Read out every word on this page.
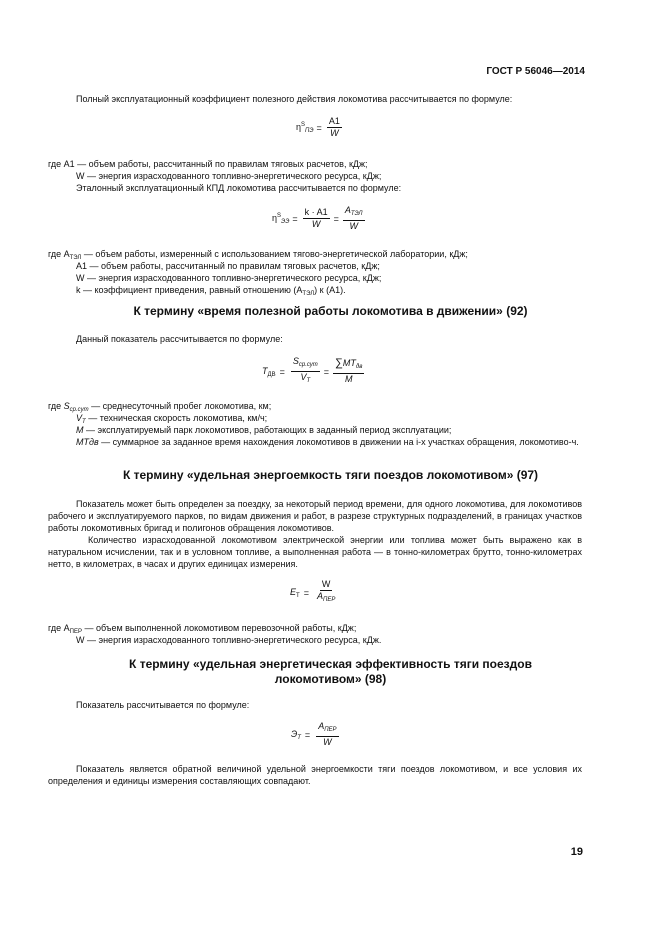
ГОСТ Р 56046—2014
Полный эксплуатационный коэффициент полезного действия локомотива рассчитывается по формуле:
$\eta^S_{ПЭ} = \frac{A1}{W}$
где A1 — объем работы, рассчитанный по правилам тяговых расчетов, кДж;
W — энергия израсходованного топливно-энергетического ресурса, кДж;
Эталонный эксплуатационный КПД локомотива рассчитывается по формуле:
$\eta^S_{ЭЭ} = \frac{k \cdot A1}{W} = \frac{A_{ТЭЛ}}{W}$
где $A_{ТЭЛ}$ — объем работы, измеренный с использованием тягово-энергетической лаборатории, кДж;
A1 — объем работы, рассчитанный по правилам тяговых расчетов, кДж;
W — энергия израсходованного топливно-энергетического ресурса, кДж;
k — коэффициент приведения, равный отношению $(A_{ТЭЛ})$ к (A1).
К термину «время полезной работы локомотива в движении» (92)
Данный показатель рассчитывается по формуле:
$T_{ДВ} = \frac{S_{ср.сут}}{V_T} = \frac{\sum MT_{дв}}{M}$
где $S_{ср.сут}$ — среднесуточный пробег локомотива, км;
$V_T$ — техническая скорость локомотива, км/ч;
M — эксплуатируемый парк локомотивов, работающих в заданный период эксплуатации;
MTдв — суммарное за заданное время нахождения локомотивов в движении на i-x участках обращения, локомотиво-ч.
К термину «удельная энергоемкость тяги поездов локомотивом» (97)
Показатель может быть определен за поездку, за некоторый период времени, для одного локомотива, для локомотивов рабочего и эксплуатируемого парков, по видам движения и работ, в разрезе структурных подразделений, в границах участков работы локомотивных бригад и полигонов обращения локомотивов.
Количество израсходованной локомотивом электрической энергии или топлива может быть выражено как в натуральном исчислении, так и в условном топливе, а выполненная работа — в тонно-километрах брутто, тонно-километрах нетто, в километрах, в часах и других единицах измерения.
$E_T = \frac{W}{A_{ПЕР}}$
где $A_{ПЕР}$ — объем выполненной локомотивом перевозочной работы, кДж;
W — энергия израсходованного топливно-энергетического ресурса, кДж.
К термину «удельная энергетическая эффективность тяги поездов
локомотивом» (98)
Показатель рассчитывается по формуле:
$Э_T = \frac{A_{ПЕР}}{W}$
Показатель является обратной величиной удельной энергоемкости тяги поездов локомотивом, и все условия их определения и единицы измерения составляющих совпадают.
19
